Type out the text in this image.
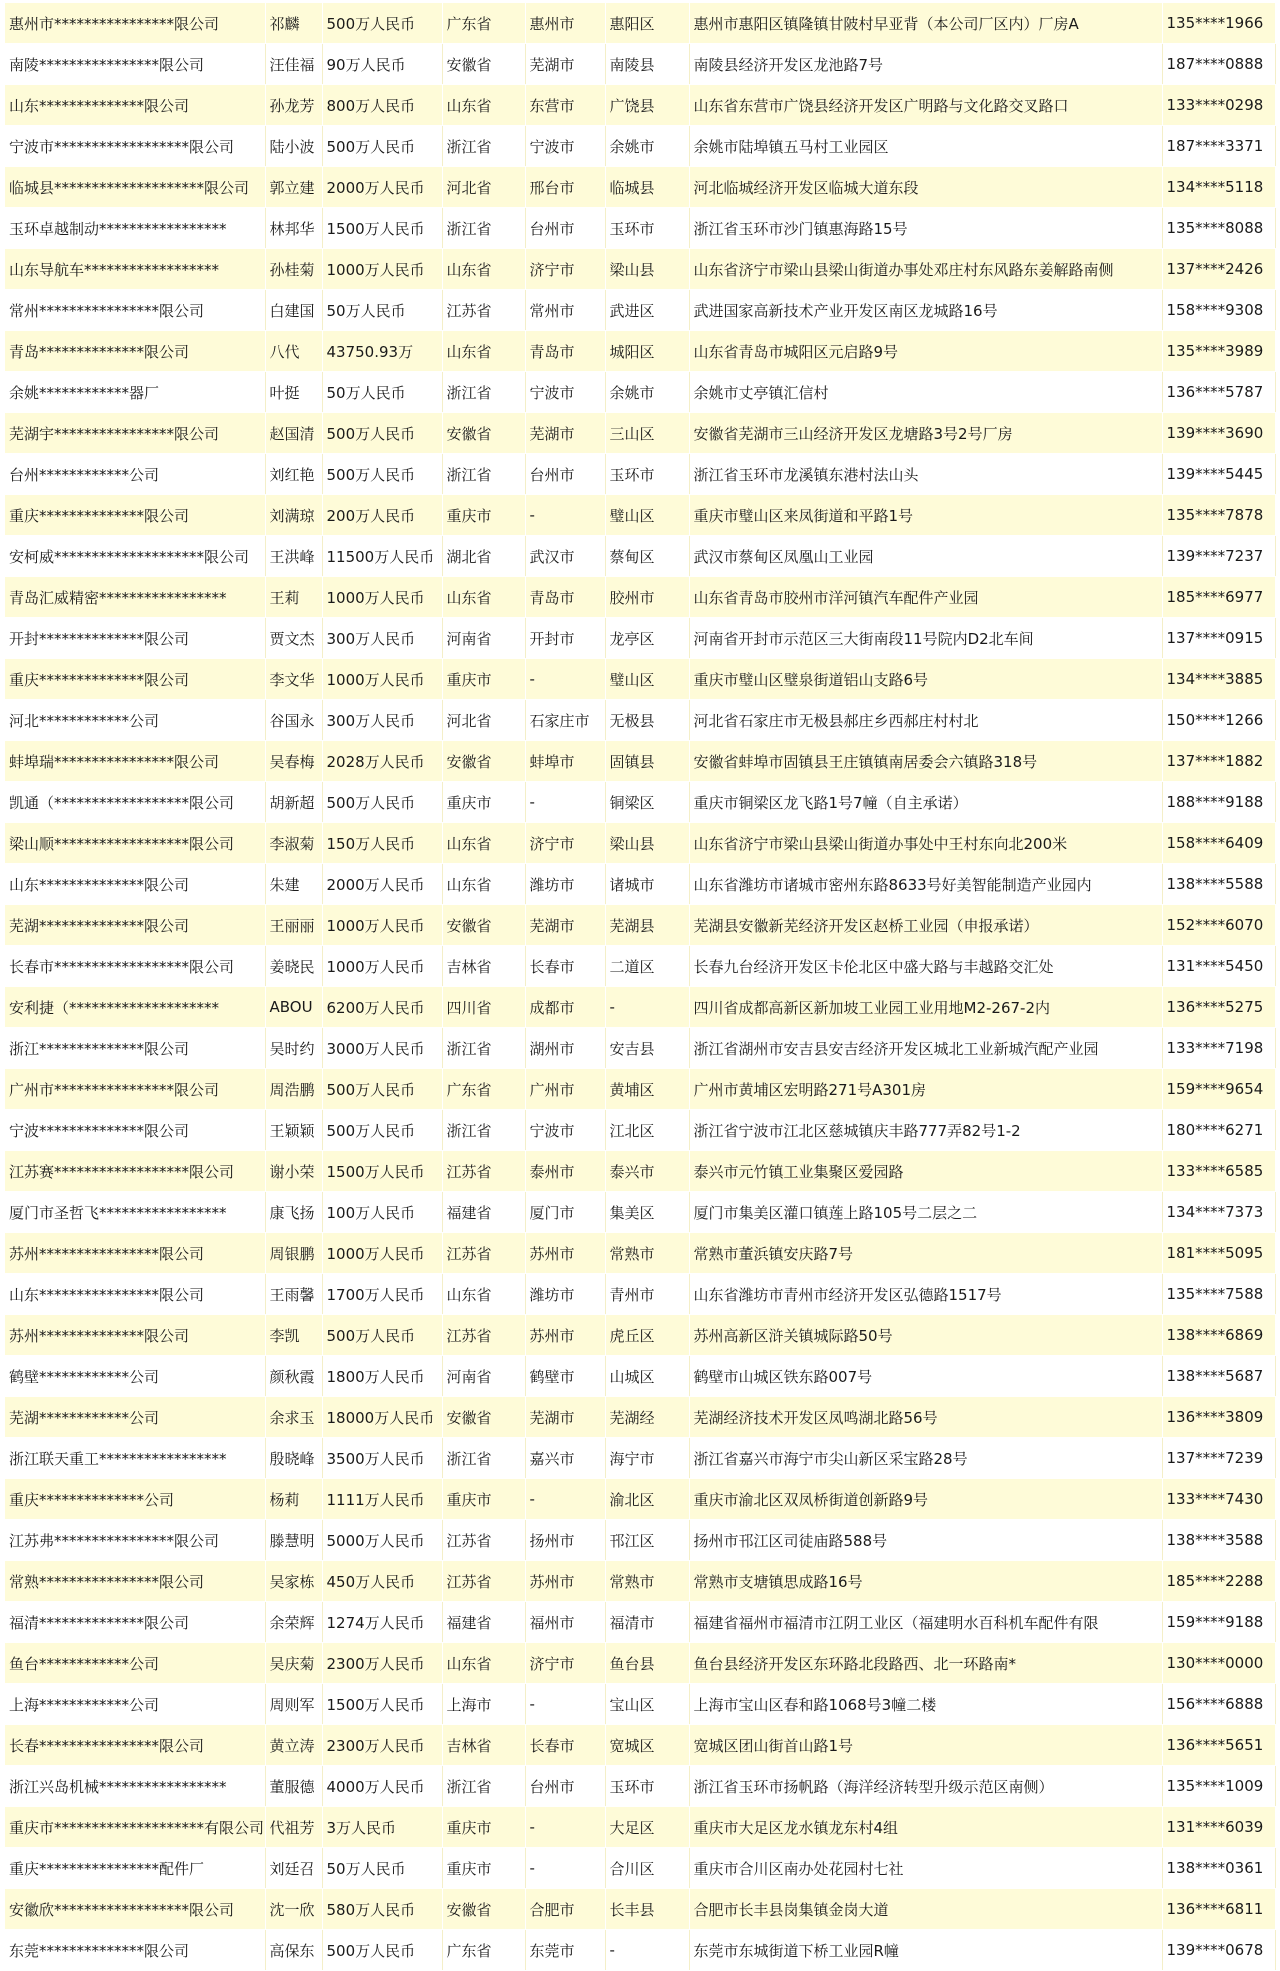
惠州市****************限公司	祁麟	500万人民币	广东省	惠州市	惠阳区	惠州市惠阳区镇隆镇甘陂村早亚背（本公司厂区内）厂房A	135****1966
南陵****************限公司	汪佳福	90万人民币	安徽省	芜湖市	南陵县	南陵县经济开发区龙池路7号	187****0888
山东**************限公司	孙龙芳	800万人民币	山东省	东营市	广饶县	山东省东营市广饶县经济开发区广明路与文化路交叉路口	133****0298
宁波市******************限公司	陆小波	500万人民币	浙江省	宁波市	余姚市	余姚市陆埠镇五马村工业园区	187****3371
临城县********************限公司	郭立建	2000万人民币	河北省	邢台市	临城县	河北临城经济开发区临城大道东段	134****5118
玉环卓越制动*****************	林邦华	1500万人民币	浙江省	台州市	玉环市	浙江省玉环市沙门镇惠海路15号	135****8088
山东导航车******************	孙桂菊	1000万人民币	山东省	济宁市	梁山县	山东省济宁市梁山县梁山街道办事处邓庄村东风路东姜解路南侧	137****2426
常州****************限公司	白建国	50万人民币	江苏省	常州市	武进区	武进国家高新技术产业开发区南区龙城路16号	158****9308
青岛**************限公司	八代	43750.93万	山东省	青岛市	城阳区	山东省青岛市城阳区元启路9号	135****3989
余姚************器厂	叶挺	50万人民币	浙江省	宁波市	余姚市	余姚市丈亭镇汇信村	136****5787
芜湖宇****************限公司	赵国清	500万人民币	安徽省	芜湖市	三山区	安徽省芜湖市三山经济开发区龙塘路3号2号厂房	139****3690
台州************公司	刘红艳	500万人民币	浙江省	台州市	玉环市	浙江省玉环市龙溪镇东港村法山头	139****5445
重庆**************限公司	刘满琼	200万人民币	重庆市	-	璧山区	重庆市璧山区来凤街道和平路1号	135****7878
安柯威********************限公司	王洪峰	11500万人民币	湖北省	武汉市	蔡甸区	武汉市蔡甸区凤凰山工业园	139****7237
青岛汇威精密*****************	王莉	1000万人民币	山东省	青岛市	胶州市	山东省青岛市胶州市洋河镇汽车配件产业园	185****6977
开封**************限公司	贾文杰	300万人民币	河南省	开封市	龙亭区	河南省开封市示范区三大街南段11号院内D2北车间	137****0915
重庆**************限公司	李文华	1000万人民币	重庆市	-	璧山区	重庆市璧山区璧泉街道铝山支路6号	134****3885
河北************公司	谷国永	300万人民币	河北省	石家庄市	无极县	河北省石家庄市无极县郝庄乡西郝庄村村北	150****1266
蚌埠瑞****************限公司	吴春梅	2028万人民币	安徽省	蚌埠市	固镇县	安徽省蚌埠市固镇县王庄镇镇南居委会六镇路318号	137****1882
凯通（******************限公司	胡新超	500万人民币	重庆市	-	铜梁区	重庆市铜梁区龙飞路1号7幢（自主承诺）	188****9188
梁山顺******************限公司	李淑菊	150万人民币	山东省	济宁市	梁山县	山东省济宁市梁山县梁山街道办事处中王村东向北200米	158****6409
山东**************限公司	朱建	2000万人民币	山东省	潍坊市	诸城市	山东省潍坊市诸城市密州东路8633号好美智能制造产业园内	138****5588
芜湖**************限公司	王丽丽	1000万人民币	安徽省	芜湖市	芜湖县	芜湖县安徽新芜经济开发区赵桥工业园（申报承诺）	152****6070
长春市******************限公司	姜晓民	1000万人民币	吉林省	长春市	二道区	长春九台经济开发区卡伦北区中盛大路与丰越路交汇处	131****5450
安利捷（********************	ABOU	6200万人民币	四川省	成都市	-	四川省成都高新区新加坡工业园工业用地M2-267-2内	136****5275
浙江**************限公司	吴时约	3000万人民币	浙江省	湖州市	安吉县	浙江省湖州市安吉县安吉经济开发区城北工业新城汽配产业园	133****7198
广州市****************限公司	周浩鹏	500万人民币	广东省	广州市	黄埔区	广州市黄埔区宏明路271号A301房	159****9654
宁波**************限公司	王颖颖	500万人民币	浙江省	宁波市	江北区	浙江省宁波市江北区慈城镇庆丰路777弄82号1-2	180****6271
江苏赛******************限公司	谢小荣	1500万人民币	江苏省	泰州市	泰兴市	泰兴市元竹镇工业集聚区爱园路	133****6585
厦门市圣哲飞*****************	康飞扬	100万人民币	福建省	厦门市	集美区	厦门市集美区灌口镇莲上路105号二层之二	134****7373
苏州****************限公司	周银鹏	1000万人民币	江苏省	苏州市	常熟市	常熟市董浜镇安庆路7号	181****5095
山东****************限公司	王雨馨	1700万人民币	山东省	潍坊市	青州市	山东省潍坊市青州市经济开发区弘德路1517号	135****7588
苏州**************限公司	李凯	500万人民币	江苏省	苏州市	虎丘区	苏州高新区浒关镇城际路50号	138****6869
鹤壁************公司	颜秋霞	1800万人民币	河南省	鹤壁市	山城区	鹤壁市山城区铁东路007号	138****5687
芜湖************公司	余求玉	18000万人民币	安徽省	芜湖市	芜湖经	芜湖经济技术开发区凤鸣湖北路56号	136****3809
浙江联天重工*****************	殷晓峰	3500万人民币	浙江省	嘉兴市	海宁市	浙江省嘉兴市海宁市尖山新区采宝路28号	137****7239
重庆**************公司	杨莉	1111万人民币	重庆市	-	渝北区	重庆市渝北区双凤桥街道创新路9号	133****7430
江苏弗****************限公司	滕慧明	5000万人民币	江苏省	扬州市	邗江区	扬州市邗江区司徒庙路588号	138****3588
常熟****************限公司	吴家栋	450万人民币	江苏省	苏州市	常熟市	常熟市支塘镇思成路16号	185****2288
福清**************限公司	余荣辉	1274万人民币	福建省	福州市	福清市	福建省福州市福清市江阴工业区（福建明水百科机车配件有限	159****9188
鱼台************公司	吴庆菊	2300万人民币	山东省	济宁市	鱼台县	鱼台县经济开发区东环路北段路西、北一环路南*	130****0000
上海************公司	周则军	1500万人民币	上海市	-	宝山区	上海市宝山区春和路1068号3幢二楼	156****6888
长春****************限公司	黄立涛	2300万人民币	吉林省	长春市	宽城区	宽城区团山街首山路1号	136****5651
浙江兴岛机械*****************	董服德	4000万人民币	浙江省	台州市	玉环市	浙江省玉环市扬帆路（海洋经济转型升级示范区南侧）	135****1009
重庆市********************有限公司	代祖芳	3万人民币	重庆市	-	大足区	重庆市大足区龙水镇龙东村4组	131****6039
重庆****************配件厂	刘廷召	50万人民币	重庆市	-	合川区	重庆市合川区南办处花园村七社	138****0361
安徽欣******************限公司	沈一欣	580万人民币	安徽省	合肥市	长丰县	合肥市长丰县岗集镇金岗大道	136****6811
东莞**************限公司	高保东	500万人民币	广东省	东莞市	-	东莞市东城街道下桥工业园R幢	139****0678
